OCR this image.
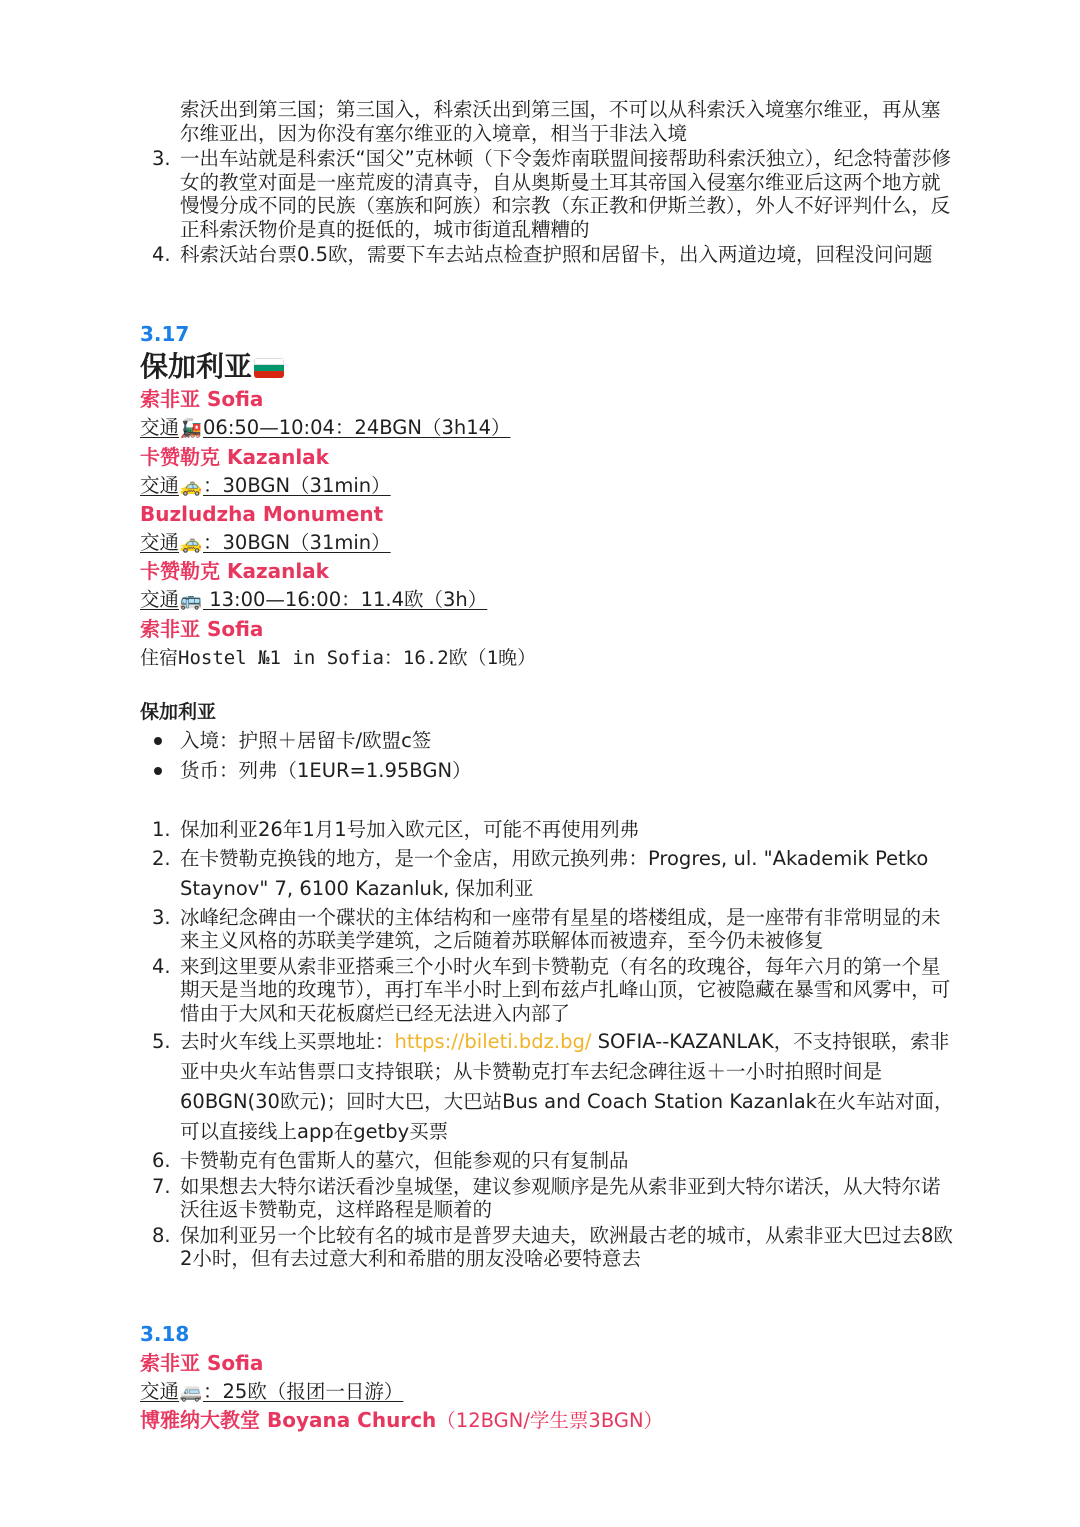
索沃出到第三国；第三国入，科索沃出到第三国，不可以从科索沃入境塞尔维亚，再从塞尔维亚出，因为你没有塞尔维亚的入境章，相当于非法入境
3. 一出车站就是科索沃“国父”克林顿（下令轰炸南联盟间接帮助科索沃独立），纪念特蕾莎修女的教堂对面是一座荒废的清真寺，自从奥斯曼土耳其帝国入侵塞尔维亚后这两个地方就慢慢分成不同的民族（塞族和阿族）和宗教（东正教和伊斯兰教），外人不好评判什么，反正科索沃物价是真的挺低的，城市街道乱糟糟的
4. 科索沃站台票0.5欧，需要下车去站点检查护照和居留卡，出入两道边境，回程没问问题
3.17
保加利亚
索非亚 Sofia
交通🚂06:50—10:04：24BGN（3h14）
卡赞勒克 Kazanlak
交通🚕：30BGN（31min）
Buzludzha Monument
交通🚕：30BGN（31min）
卡赞勒克 Kazanlak
交通🚌 13:00—16:00：11.4欧（3h）
索非亚 Sofia
住宿Hostel №1 in Sofia：16.2欧（1晚）
保加利亚
入境：护照＋居留卡/欧盟c签
货币：列弗（1EUR=1.95BGN）
1. 保加利亚26年1月1号加入欧元区，可能不再使用列弗
2. 在卡赞勒克换钱的地方，是一个金店，用欧元换列弗：Progres, ul. "Akademik Petko Staynov" 7, 6100 Kazanluk, 保加利亚
3. 冰峰纪念碑由一个碟状的主体结构和一座带有星星的塔楼组成，是一座带有非常明显的未来主义风格的苏联美学建筑，之后随着苏联解体而被遗弃，至今仍未被修复
4. 来到这里要从索非亚搭乘三个小时火车到卡赞勒克（有名的玫瑰谷，每年六月的第一个星期天是当地的玫瑰节），再打车半小时上到布兹卢扎峰山顶，它被隐藏在暴雪和风雾中，可惜由于大风和天花板腐烂已经无法进入内部了
5. 去时火车线上买票地址：https://bileti.bdz.bg/ SOFIA--KAZANLAK，不支持银联，索非亚中央火车站售票口支持银联；从卡赞勒克打车去纪念碑往返＋一小时拍照时间是60BGN(30欧元)；回时大巴，大巴站Bus and Coach Station Kazanlak在火车站对面，可以直接线上app在getby买票
6. 卡赞勒克有色雷斯人的墓穴，但能参观的只有复制品
7. 如果想去大特尔诺沃看沙皇城堡，建议参观顺序是先从索非亚到大特尔诺沃，从大特尔诺沃往返卡赞勒克，这样路程是顺着的
8. 保加利亚另一个比较有名的城市是普罗夫迪夫，欧洲最古老的城市，从索非亚大巴过去8欧2小时，但有去过意大利和希腊的朋友没啥必要特意去
3.18
索非亚 Sofia
交通🚐：25欧（报团一日游）
博雅纳大教堂 Boyana Church（12BGN/学生票3BGN）
